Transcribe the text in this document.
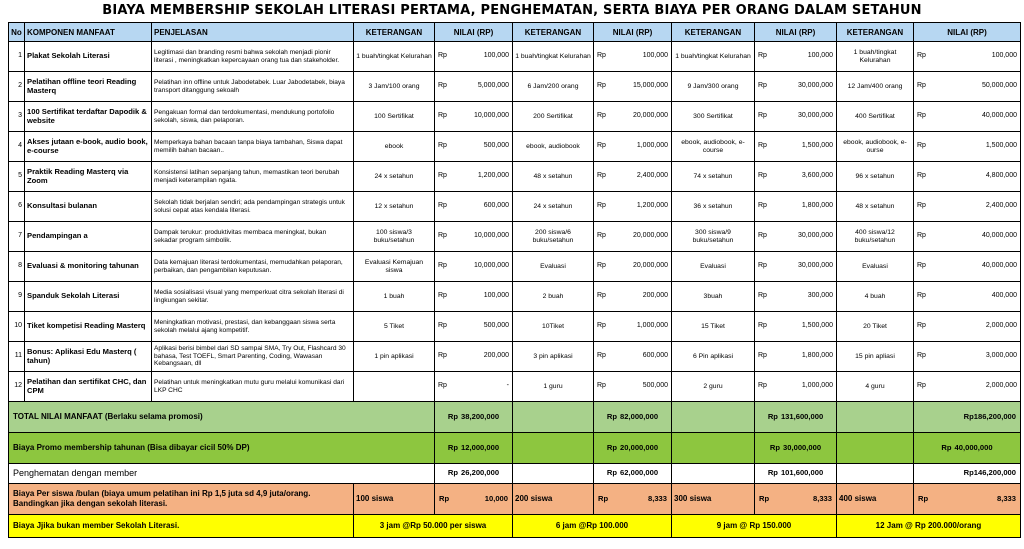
BIAYA MEMBERSHIP SEKOLAH LITERASI PERTAMA, PENGHEMATAN, SERTA BIAYA PER ORANG DALAM SETAHUN
No	KOMPONEN MANFAAT	PENJELASAN	KETERANGAN	NILAI (RP)	KETERANGAN	NILAI (RP)	KETERANGAN	NILAI (RP)	KETERANGAN	NILAI (RP)
1	Plakat Sekolah Literasi	Legitimasi dan branding resmi bahwa sekolah menjadi pionir literasi , meningkatkan kepercayaan orang tua dan stakeholder.	1 buah/tingkat Kelurahan	Rp 100,000	1 buah/tingkat Kelurahan	Rp 100,000	1 buah/tingkat Kelurahan	Rp 100,000	1 buah/tingkat Kelurahan	Rp 100,000

2	Pelatihan offline teori Reading Masterq	Pelatihan inn offline untuk Jabodetabek. Luar Jabodetabek, biaya transport ditanggung sekoalh	3 Jam/100 orang	Rp 5,000,000	6 Jam/200 orang	Rp 15,000,000	9 Jam/300 orang	Rp 30,000,000	12 Jam/400 orang	Rp 50,000,000

3	100 Sertifikat terdaftar Dapodik & website	Pengakuan formal dan terdokumentasi, mendukung portofolio sekolah, siswa, dan pelaporan.	100 Sertifikat	Rp 10,000,000	200 Sertifikat	Rp 20,000,000	300 Sertifikat	Rp 30,000,000	400 Sertifikat	Rp 40,000,000

4	Akses jutaan e-book, audio book, e-course	Memperkaya bahan bacaan tanpa biaya tambahan, Siswa dapat memilih bahan bacaan..	ebook	Rp 500,000	ebook, audiobook	Rp 1,000,000	ebook, audiobook, e-course	Rp 1,500,000	ebook, audiobook, e-ourse	Rp 1,500,000

5	Praktik Reading Masterq via Zoom	Konsistensi latihan sepanjang tahun, memastikan teori berubah menjadi keterampilan ngata.	24 x setahun	Rp 1,200,000	48 x setahun	Rp 2,400,000	74 x setahun	Rp 3,600,000	96 x setahun	Rp 4,800,000

6	Konsultasi bulanan	Sekolah tidak berjalan sendiri; ada pendampingan strategis untuk solusi cepat atas kendala literasi.	12 x setahun	Rp 600,000	24 x setahun	Rp 1,200,000	36 x setahun	Rp 1,800,000	48 x setahun	Rp 2,400,000

7	Pendampingan a	Dampak terukur: produktivitas membaca meningkat, bukan sekadar program simbolik.	100 siswa/3 buku/setahun	Rp 10,000,000	200 siswa/6 buku/setahun	Rp 20,000,000	300 siswa/9 buku/setahun	Rp 30,000,000	400 siswa/12 buku/setahun	Rp 40,000,000

8	Evaluasi & monitoring tahunan	Data kemajuan literasi terdokumentasi, memudahkan pelaporan, perbaikan, dan pengambilan keputusan.	Evaluasi Kemajuan siswa	Rp 10,000,000	Evaluasi	Rp 20,000,000	Evaluasi	Rp 30,000,000	Evaluasi	Rp 40,000,000

9	Spanduk Sekolah Literasi	Media sosialisasi visual yang memperkuat citra sekolah literasi di lingkungan sekitar.	1 buah	Rp 100,000	2 buah	Rp 200,000	3buah	Rp 300,000	4 buah	Rp 400,000

10	Tiket kompetisi Reading Masterq	Meningkatkan motivasi, prestasi, dan kebanggaan siswa serta sekolah melalui ajang kompetitif.	5 Tiket	Rp 500,000	10Tiket	Rp 1,000,000	15 Tiket	Rp 1,500,000	20 Tiket	Rp 2,000,000

11	Bonus: Aplikasi Edu Masterq ( tahun)	Aplikasi berisi bimbel dari SD sampai SMA, Try Out, Flashcard 30 bahasa, Test TOEFL, Smart Parenting, Coding, Wawasan Kebangsaan, dll	1 pin aplikasi	Rp 200,000	3 pin aplikasi	Rp 600,000	6 Pin aplikasi	Rp 1,800,000	15 pin apliasi	Rp 3,000,000

12	Pelatihan dan sertifikat CHC, dan CPM	Pelatihan untuk meningkatkan mutu guru melalui komunikasi dari LKP CHC		Rp -	1 guru	Rp 500,000	2 guru	Rp 1,000,000	4 guru	Rp 2,000,000

TOTAL NILAI MANFAAT (Berlaku selama promosi)				Rp 38,200,000		Rp 82,000,000		Rp 131,600,000		Rp186,200,000

Biaya Promo membership tahunan (Bisa dibayar cicil 50% DP)				Rp 12,000,000		Rp 20,000,000		Rp 30,000,000		Rp 40,000,000
Penghematan dengan member				Rp 26,200,000		Rp 62,000,000		Rp 101,600,000		Rp146,200,000

Biaya Per siswa /bulan (biaya umum pelatihan ini Rp 1,5 juta sd 4,9 juta/orang. Bandingkan jika dengan sekolah literasi.			100 siswa	Rp 10,000	200 siswa	Rp 8,333	300 siswa	Rp 8,333	400 siswa	Rp 8,333

Biaya Jjika bukan member Sekolah Literasi.			3 jam @Rp 50.000 per siswa		6 jam @Rp 100.000		9 jam @ Rp 150.000		12 Jam @ Rp 200.000/orang	
